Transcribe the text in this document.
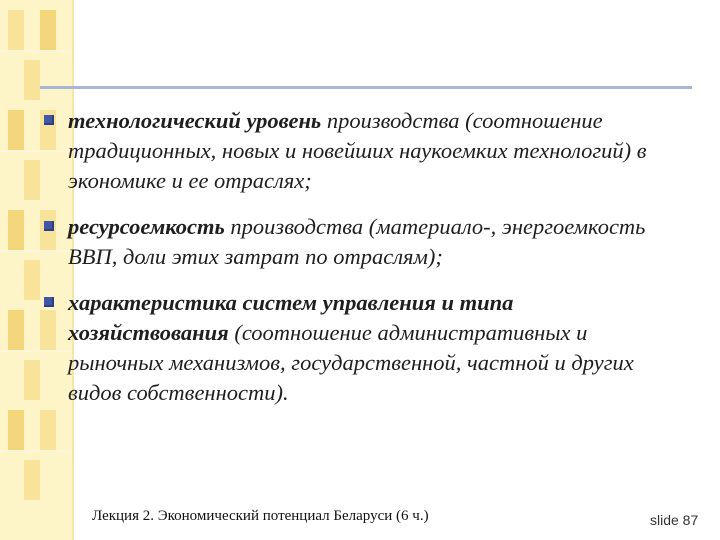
технологический уровень производства (соотношение традиционных, новых и новейших наукоемких технологий) в экономике и ее отраслях;
ресурсоемкость производства (материало-, энергоемкость ВВП, доли этих затрат по отраслям);
характеристика систем управления и типа хозяйствования (соотношение административных и рыночных механизмов, государственной, частной и других видов собственности).
Лекция 2. Экономический потенциал Беларуси (6 ч.)	slide 87
